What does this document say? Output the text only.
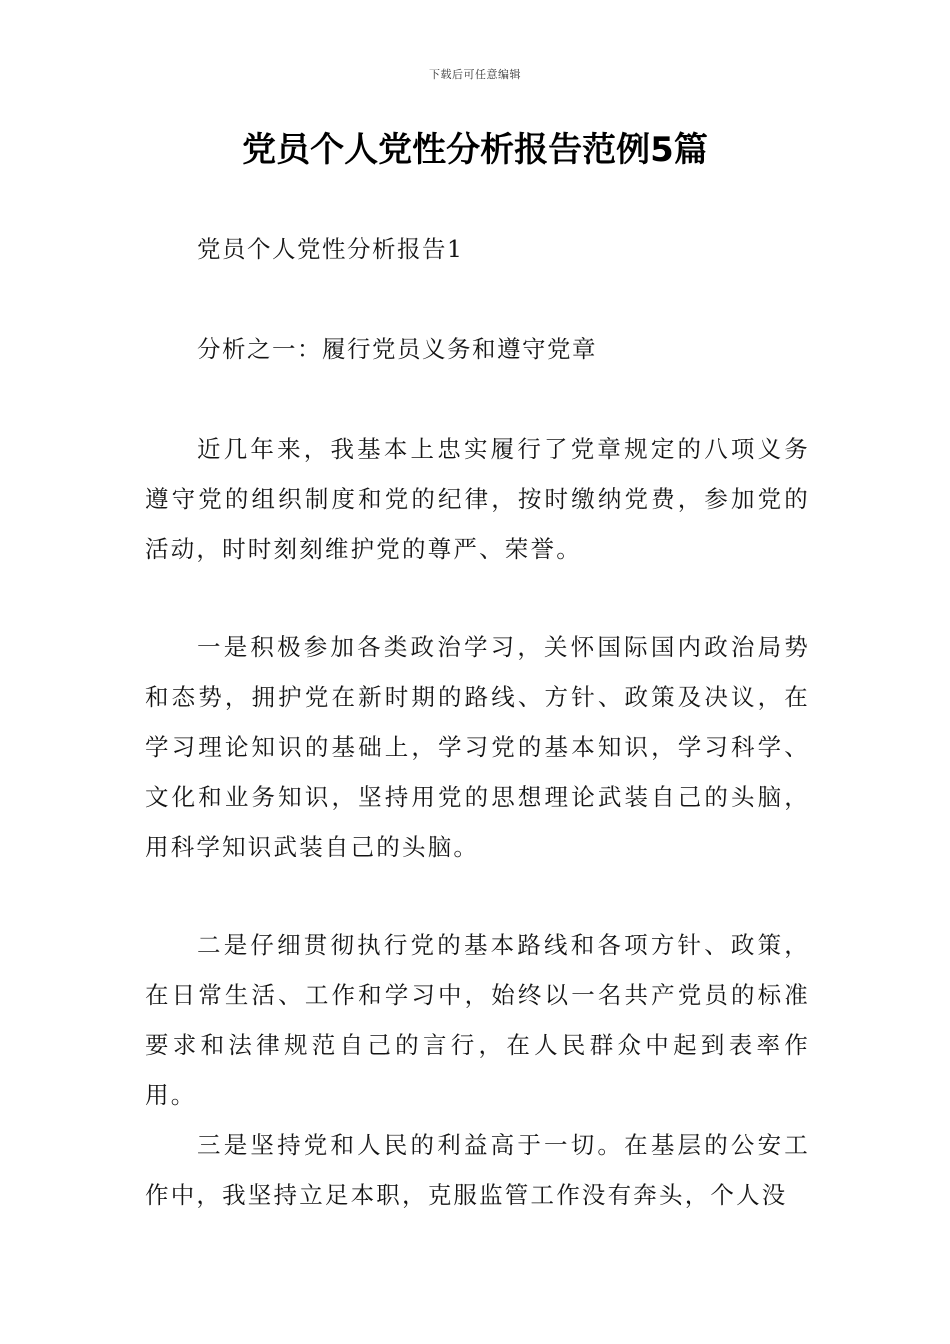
下载后可任意编辑
党员个人党性分析报告范例5篇

党员个人党性分析报告1

分析之一：履行党员义务和遵守党章

近几年来，我基本上忠实履行了党章规定的八项义务遵守党的组织制度和党的纪律，按时缴纳党费，参加党的活动，时时刻刻维护党的尊严、荣誉。

一是积极参加各类政治学习，关怀国际国内政治局势和态势，拥护党在新时期的路线、方针、政策及决议，在学习理论知识的基础上，学习党的基本知识，学习科学、文化和业务知识，坚持用党的思想理论武装自己的头脑，用科学知识武装自己的头脑。

二是仔细贯彻执行党的基本路线和各项方针、政策，在日常生活、工作和学习中，始终以一名共产党员的标准要求和法律规范自己的言行，在人民群众中起到表率作用。

三是坚持党和人民的利益高于一切。在基层的公安工作中，我坚持立足本职，克服监管工作没有奔头，个人没
